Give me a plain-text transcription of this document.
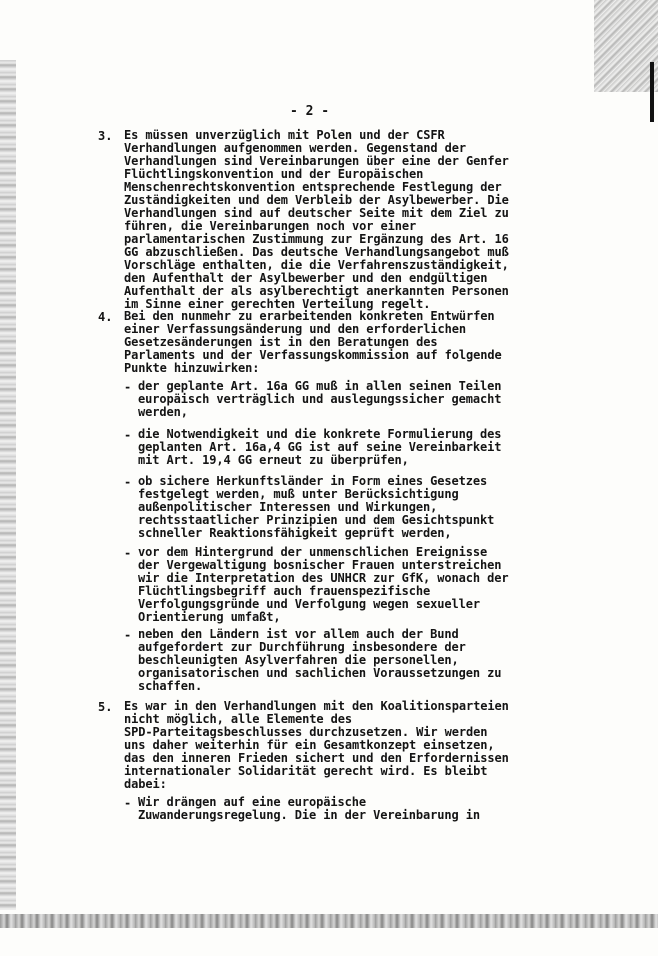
- 2 -
3. Es müssen unverzüglich mit Polen und der CSFR
Verhandlungen aufgenommen werden. Gegenstand der
Verhandlungen sind Vereinbarungen über eine der Genfer
Flüchtlingskonvention und der Europäischen
Menschenrechtskonvention entsprechende Festlegung der
Zuständigkeiten und dem Verbleib der Asylbewerber. Die
Verhandlungen sind auf deutscher Seite mit dem Ziel zu
führen, die Vereinbarungen noch vor einer
parlamentarischen Zustimmung zur Ergänzung des Art. 16
GG abzuschließen. Das deutsche Verhandlungsangebot muß
Vorschläge enthalten, die die Verfahrenszuständigkeit,
den Aufenthalt der Asylbewerber und den endgültigen
Aufenthalt der als asylberechtigt anerkannten Personen
im Sinne einer gerechten Verteilung regelt.
4. Bei den nunmehr zu erarbeitenden konkreten Entwürfen
einer Verfassungsänderung und den erforderlichen
Gesetzesänderungen ist in den Beratungen des
Parlaments und der Verfassungskommission auf folgende
Punkte hinzuwirken:
- der geplante Art. 16a GG muß in allen seinen Teilen
europäisch verträglich und auslegungssicher gemacht
werden,
- die Notwendigkeit und die konkrete Formulierung des
geplanten Art. 16a,4 GG ist auf seine Vereinbarkeit
mit Art. 19,4 GG erneut zu überprüfen,
- ob sichere Herkunftsländer in Form eines Gesetzes
festgelegt werden, muß unter Berücksichtigung
außenpolitischer Interessen und Wirkungen,
rechtsstaatlicher Prinzipien und dem Gesichtspunkt
schneller Reaktionsfähigkeit geprüft werden,
- vor dem Hintergrund der unmenschlichen Ereignisse
der Vergewaltigung bosnischer Frauen unterstreichen
wir die Interpretation des UNHCR zur GfK, wonach der
Flüchtlingsbegriff auch frauenspezifische
Verfolgungsgründe und Verfolgung wegen sexueller
Orientierung umfaßt,
- neben den Ländern ist vor allem auch der Bund
aufgefordert zur Durchführung insbesondere der
beschleunigten Asylverfahren die personellen,
organisatorischen und sachlichen Voraussetzungen zu
schaffen.
5. Es war in den Verhandlungen mit den Koalitionsparteien
nicht möglich, alle Elemente des
SPD-Parteitagsbeschlusses durchzusetzen. Wir werden
uns daher weiterhin für ein Gesamtkonzept einsetzen,
das den inneren Frieden sichert und den Erfordernissen
internationaler Solidarität gerecht wird. Es bleibt
dabei:
- Wir drängen auf eine europäische
Zuwanderungsregelung. Die in der Vereinbarung in
